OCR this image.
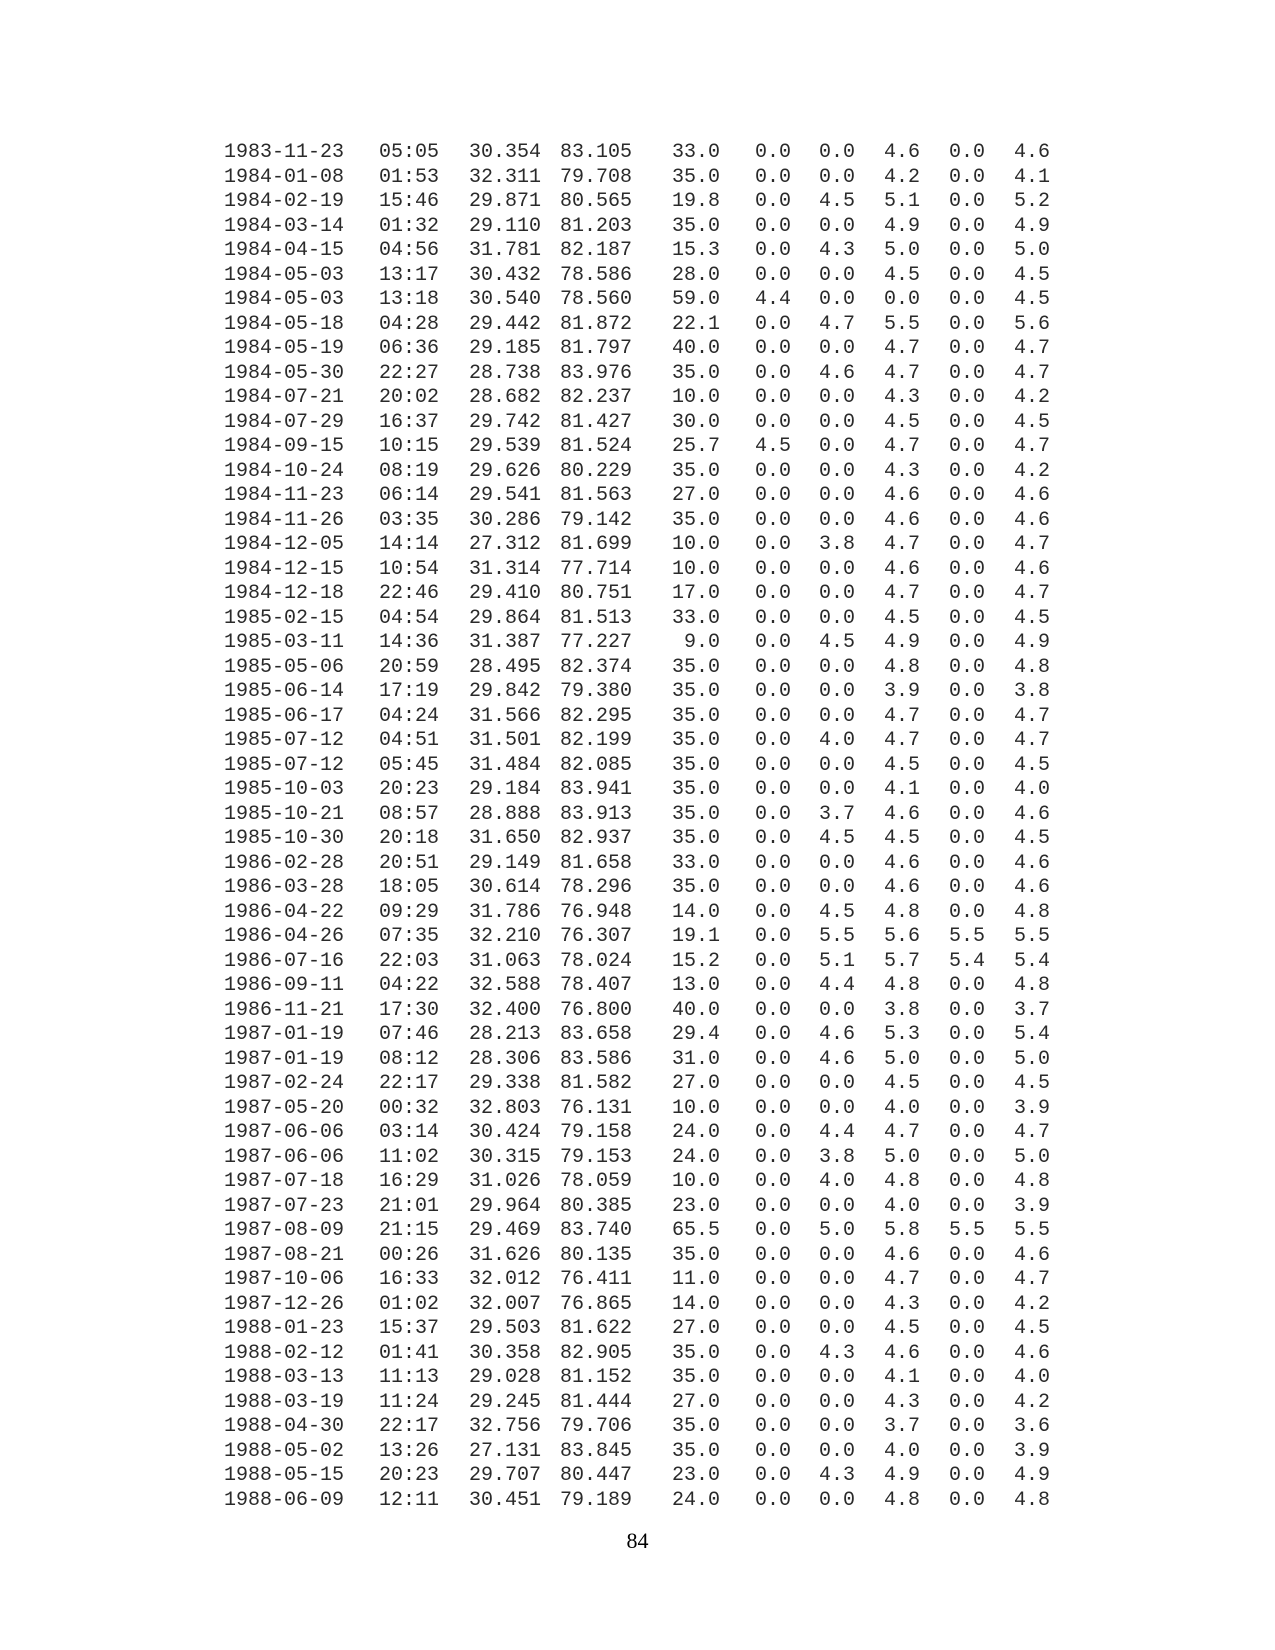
1983-11-23 05:05 30.354 83.105 33.0 0.0 0.0 4.6 0.0 4.6
1984-01-08 01:53 32.311 79.708 35.0 0.0 0.0 4.2 0.0 4.1
1984-02-19 15:46 29.871 80.565 19.8 0.0 4.5 5.1 0.0 5.2
1984-03-14 01:32 29.110 81.203 35.0 0.0 0.0 4.9 0.0 4.9
1984-04-15 04:56 31.781 82.187 15.3 0.0 4.3 5.0 0.0 5.0
1984-05-03 13:17 30.432 78.586 28.0 0.0 0.0 4.5 0.0 4.5
1984-05-03 13:18 30.540 78.560 59.0 4.4 0.0 0.0 0.0 4.5
1984-05-18 04:28 29.442 81.872 22.1 0.0 4.7 5.5 0.0 5.6
1984-05-19 06:36 29.185 81.797 40.0 0.0 0.0 4.7 0.0 4.7
1984-05-30 22:27 28.738 83.976 35.0 0.0 4.6 4.7 0.0 4.7
1984-07-21 20:02 28.682 82.237 10.0 0.0 0.0 4.3 0.0 4.2
1984-07-29 16:37 29.742 81.427 30.0 0.0 0.0 4.5 0.0 4.5
1984-09-15 10:15 29.539 81.524 25.7 4.5 0.0 4.7 0.0 4.7
1984-10-24 08:19 29.626 80.229 35.0 0.0 0.0 4.3 0.0 4.2
1984-11-23 06:14 29.541 81.563 27.0 0.0 0.0 4.6 0.0 4.6
1984-11-26 03:35 30.286 79.142 35.0 0.0 0.0 4.6 0.0 4.6
1984-12-05 14:14 27.312 81.699 10.0 0.0 3.8 4.7 0.0 4.7
1984-12-15 10:54 31.314 77.714 10.0 0.0 0.0 4.6 0.0 4.6
1984-12-18 22:46 29.410 80.751 17.0 0.0 0.0 4.7 0.0 4.7
1985-02-15 04:54 29.864 81.513 33.0 0.0 0.0 4.5 0.0 4.5
1985-03-11 14:36 31.387 77.227	9.0 0.0 4.5 4.9 0.0 4.9
1985-05-06 20:59 28.495 82.374 35.0 0.0 0.0 4.8 0.0 4.8
1985-06-14 17:19 29.842 79.380 35.0 0.0 0.0 3.9 0.0 3.8
1985-06-17 04:24 31.566 82.295 35.0 0.0 0.0 4.7 0.0 4.7
1985-07-12 04:51 31.501 82.199 35.0 0.0 4.0 4.7 0.0 4.7
1985-07-12 05:45 31.484 82.085 35.0 0.0 0.0 4.5 0.0 4.5
1985-10-03 20:23 29.184 83.941 35.0 0.0 0.0 4.1 0.0 4.0
1985-10-21 08:57 28.888 83.913 35.0 0.0 3.7 4.6 0.0 4.6
1985-10-30 20:18 31.650 82.937 35.0 0.0 4.5 4.5 0.0 4.5
1986-02-28 20:51 29.149 81.658 33.0 0.0 0.0 4.6 0.0 4.6
1986-03-28 18:05 30.614 78.296 35.0 0.0 0.0 4.6 0.0 4.6
1986-04-22 09:29 31.786 76.948 14.0 0.0 4.5 4.8 0.0 4.8
1986-04-26 07:35 32.210 76.307 19.1 0.0 5.5 5.6 5.5 5.5
1986-07-16 22:03 31.063 78.024 15.2 0.0 5.1 5.7 5.4 5.4
1986-09-11 04:22 32.588 78.407 13.0 0.0 4.4 4.8 0.0 4.8
1986-11-21 17:30 32.400 76.800 40.0 0.0 0.0 3.8 0.0 3.7
1987-01-19 07:46 28.213 83.658 29.4 0.0 4.6 5.3 0.0 5.4
1987-01-19 08:12 28.306 83.586 31.0 0.0 4.6 5.0 0.0 5.0
1987-02-24 22:17 29.338 81.582 27.0 0.0 0.0 4.5 0.0 4.5
1987-05-20 00:32 32.803 76.131 10.0 0.0 0.0 4.0 0.0 3.9
1987-06-06 03:14 30.424 79.158 24.0 0.0 4.4 4.7 0.0 4.7
1987-06-06 11:02 30.315 79.153 24.0 0.0 3.8 5.0 0.0 5.0
1987-07-18 16:29 31.026 78.059 10.0 0.0 4.0 4.8 0.0 4.8
1987-07-23 21:01 29.964 80.385 23.0 0.0 0.0 4.0 0.0 3.9
1987-08-09 21:15 29.469 83.740 65.5 0.0 5.0 5.8 5.5 5.5
1987-08-21 00:26 31.626 80.135 35.0 0.0 0.0 4.6 0.0 4.6
1987-10-06 16:33 32.012 76.411 11.0 0.0 0.0 4.7 0.0 4.7
1987-12-26 01:02 32.007 76.865 14.0 0.0 0.0 4.3 0.0 4.2
1988-01-23 15:37 29.503 81.622 27.0 0.0 0.0 4.5 0.0 4.5
1988-02-12 01:41 30.358 82.905 35.0 0.0 4.3 4.6 0.0 4.6
1988-03-13 11:13 29.028 81.152 35.0 0.0 0.0 4.1 0.0 4.0
1988-03-19 11:24 29.245 81.444 27.0 0.0 0.0 4.3 0.0 4.2
1988-04-30 22:17 32.756 79.706 35.0 0.0 0.0 3.7 0.0 3.6
1988-05-02 13:26 27.131 83.845 35.0 0.0 0.0 4.0 0.0 3.9
1988-05-15 20:23 29.707 80.447 23.0 0.0 4.3 4.9 0.0 4.9
1988-06-09 12:11 30.451 79.189 24.0 0.0 0.0 4.8 0.0 4.8
84
